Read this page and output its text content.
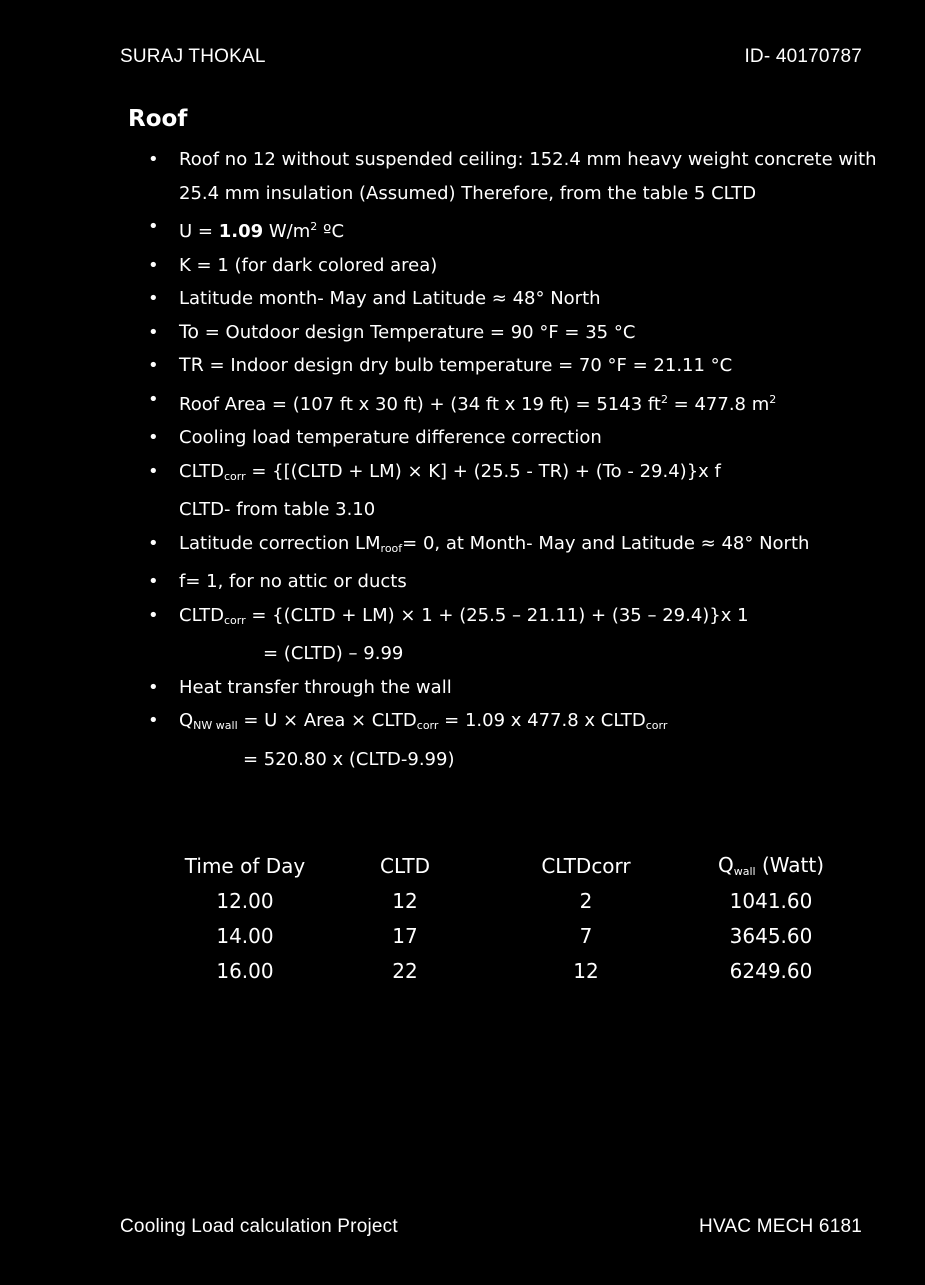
SURAJ THOKAL	ID- 40170787
Roof
• Roof no 12 without suspended ceiling: 152.4 mm heavy weight concrete with
25.4 mm insulation (Assumed) Therefore, from the table 5 CLTD
• U = 1.09 $W/m^2$ ºC
• K = 1 (for dark colored area)
• Latitude month- May and Latitude ≈ 48° North
• To = Outdoor design Temperature = 90 °F = 35 °C
• TR = Indoor design dry bulb temperature = 70 °F = 21.11 °C
• Roof Area = (107 ft x 30 ft) + (34 ft x 19 ft) = 5143 $ft^2 = 477.8$ $m^2$
• Cooling load temperature difference correction
• $CLTD_{corr}$ = {[(CLTD + LM) × K] + (25.5 - TR) + (To - 29.4)}x f
CLTD- from table 3.10
• Latitude correction $LM_{roof}= 0$, at Month- May and Latitude ≈ 48° North
• f= 1, for no attic or ducts
• $CLTD_{corr}$ = {(CLTD + LM) × 1 + (25.5 – 21.11) + (35 – 29.4)}x 1
= (CLTD) – 9.99
• Heat transfer through the wall
• $Q_{NW wall} = U$ × Area × $CLTD_{corr} = 1.09$ x 477.8 x $CLTD_{corr}$
= 520.80 x (CLTD-9.99)
Time of Day	CLTD	CLTDcorr	$Q_{wall}$ (Watt)
12.00	12	2	1041.60
14.00	17	7	3645.60
16.00	22	12	6249.60
Cooling Load calculation Project	HVAC MECH 6181
